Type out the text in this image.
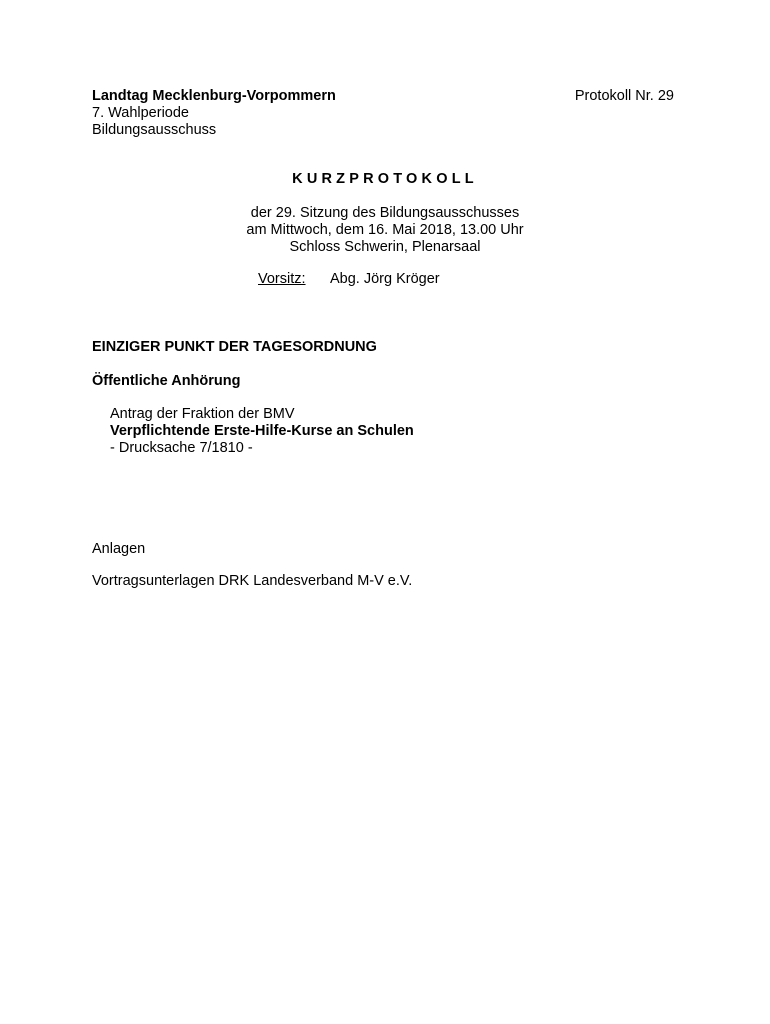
Landtag Mecklenburg-Vorpommern
7. Wahlperiode
Bildungsausschuss
Protokoll Nr. 29
KURZPROTOKOLL
der 29. Sitzung des Bildungsausschusses
am Mittwoch, dem 16. Mai 2018, 13.00 Uhr
Schloss Schwerin, Plenarsaal
Vorsitz: Abg. Jörg Kröger
EINZIGER PUNKT DER TAGESORDNUNG
Öffentliche Anhörung
Antrag der Fraktion der BMV
Verpflichtende Erste-Hilfe-Kurse an Schulen
- Drucksache 7/1810 -
Anlagen
Vortragsunterlagen DRK Landesverband M-V e.V.
